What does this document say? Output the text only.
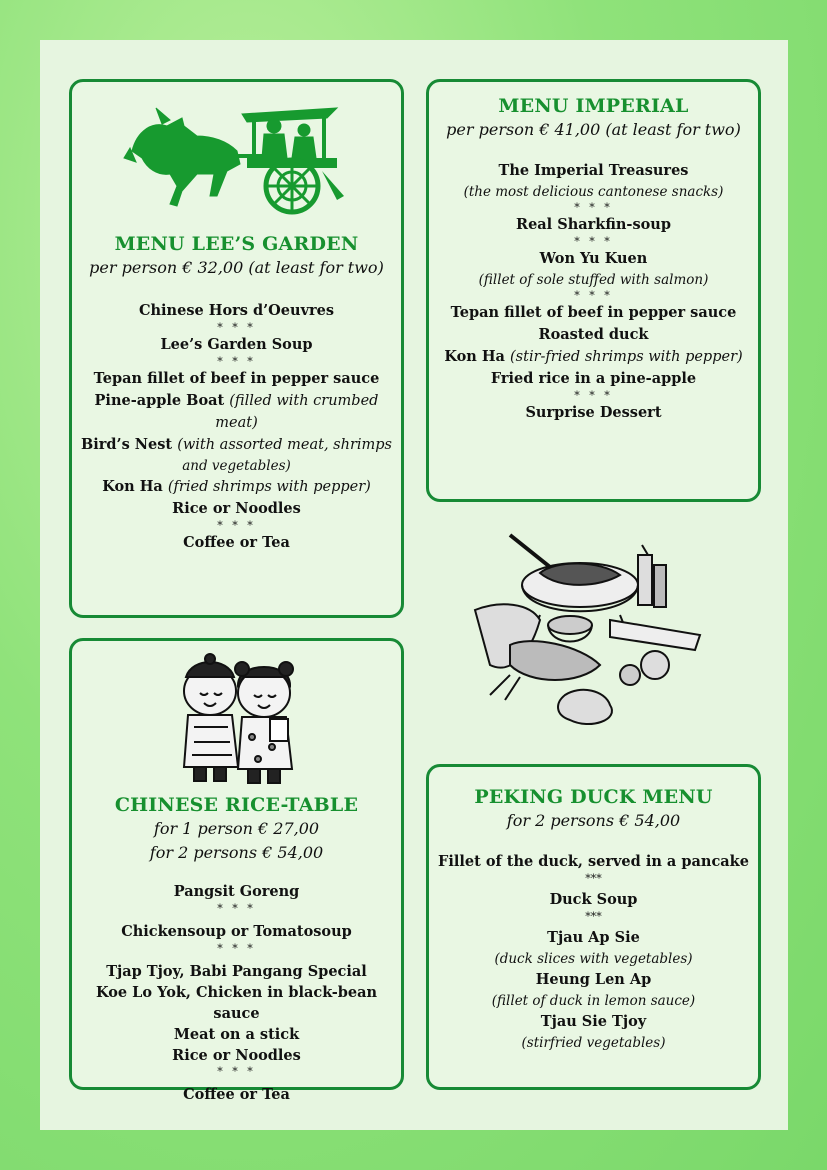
MENU LEE’S GARDEN

per person € 32,00 (at least for two)

Chinese Hors d’Oeuvres

* * *

Lee’s Garden Soup

* * *

Tepan fillet of beef in pepper sauce

Pine-apple Boat (filled with crumbed meat)

Bird’s Nest (with assorted meat, shrimps

and vegetables)

Kon Ha (fried shrimps with pepper)

Rice or Noodles

* * *

Coffee or Tea

MENU IMPERIAL

per person € 41,00 (at least for two)

The Imperial Treasures

(the most delicious cantonese snacks)

* * *

Real Sharkfin-soup

* * *

Won Yu Kuen

(fillet of sole stuffed with salmon)

* * *

Tepan fillet of beef in pepper sauce

Roasted duck

Kon Ha (stir-fried shrimps with pepper)

Fried rice in a pine-apple

* * *

Surprise Dessert

CHINESE RICE-TABLE

for 1 person € 27,00

for 2 persons € 54,00

Pangsit Goreng

* * *

Chickensoup or Tomatosoup

* * *

Tjap Tjoy, Babi Pangang Special

Koe Lo Yok, Chicken in black-bean sauce

Meat on a stick

Rice or Noodles

* * *

Coffee or Tea

PEKING DUCK MENU

for 2 persons € 54,00

Fillet of the duck, served in a pancake

***

Duck Soup

***

Tjau Ap Sie

(duck slices with vegetables)

Heung Len Ap

(fillet of duck in lemon sauce)

Tjau Sie Tjoy

(stirfried vegetables)
